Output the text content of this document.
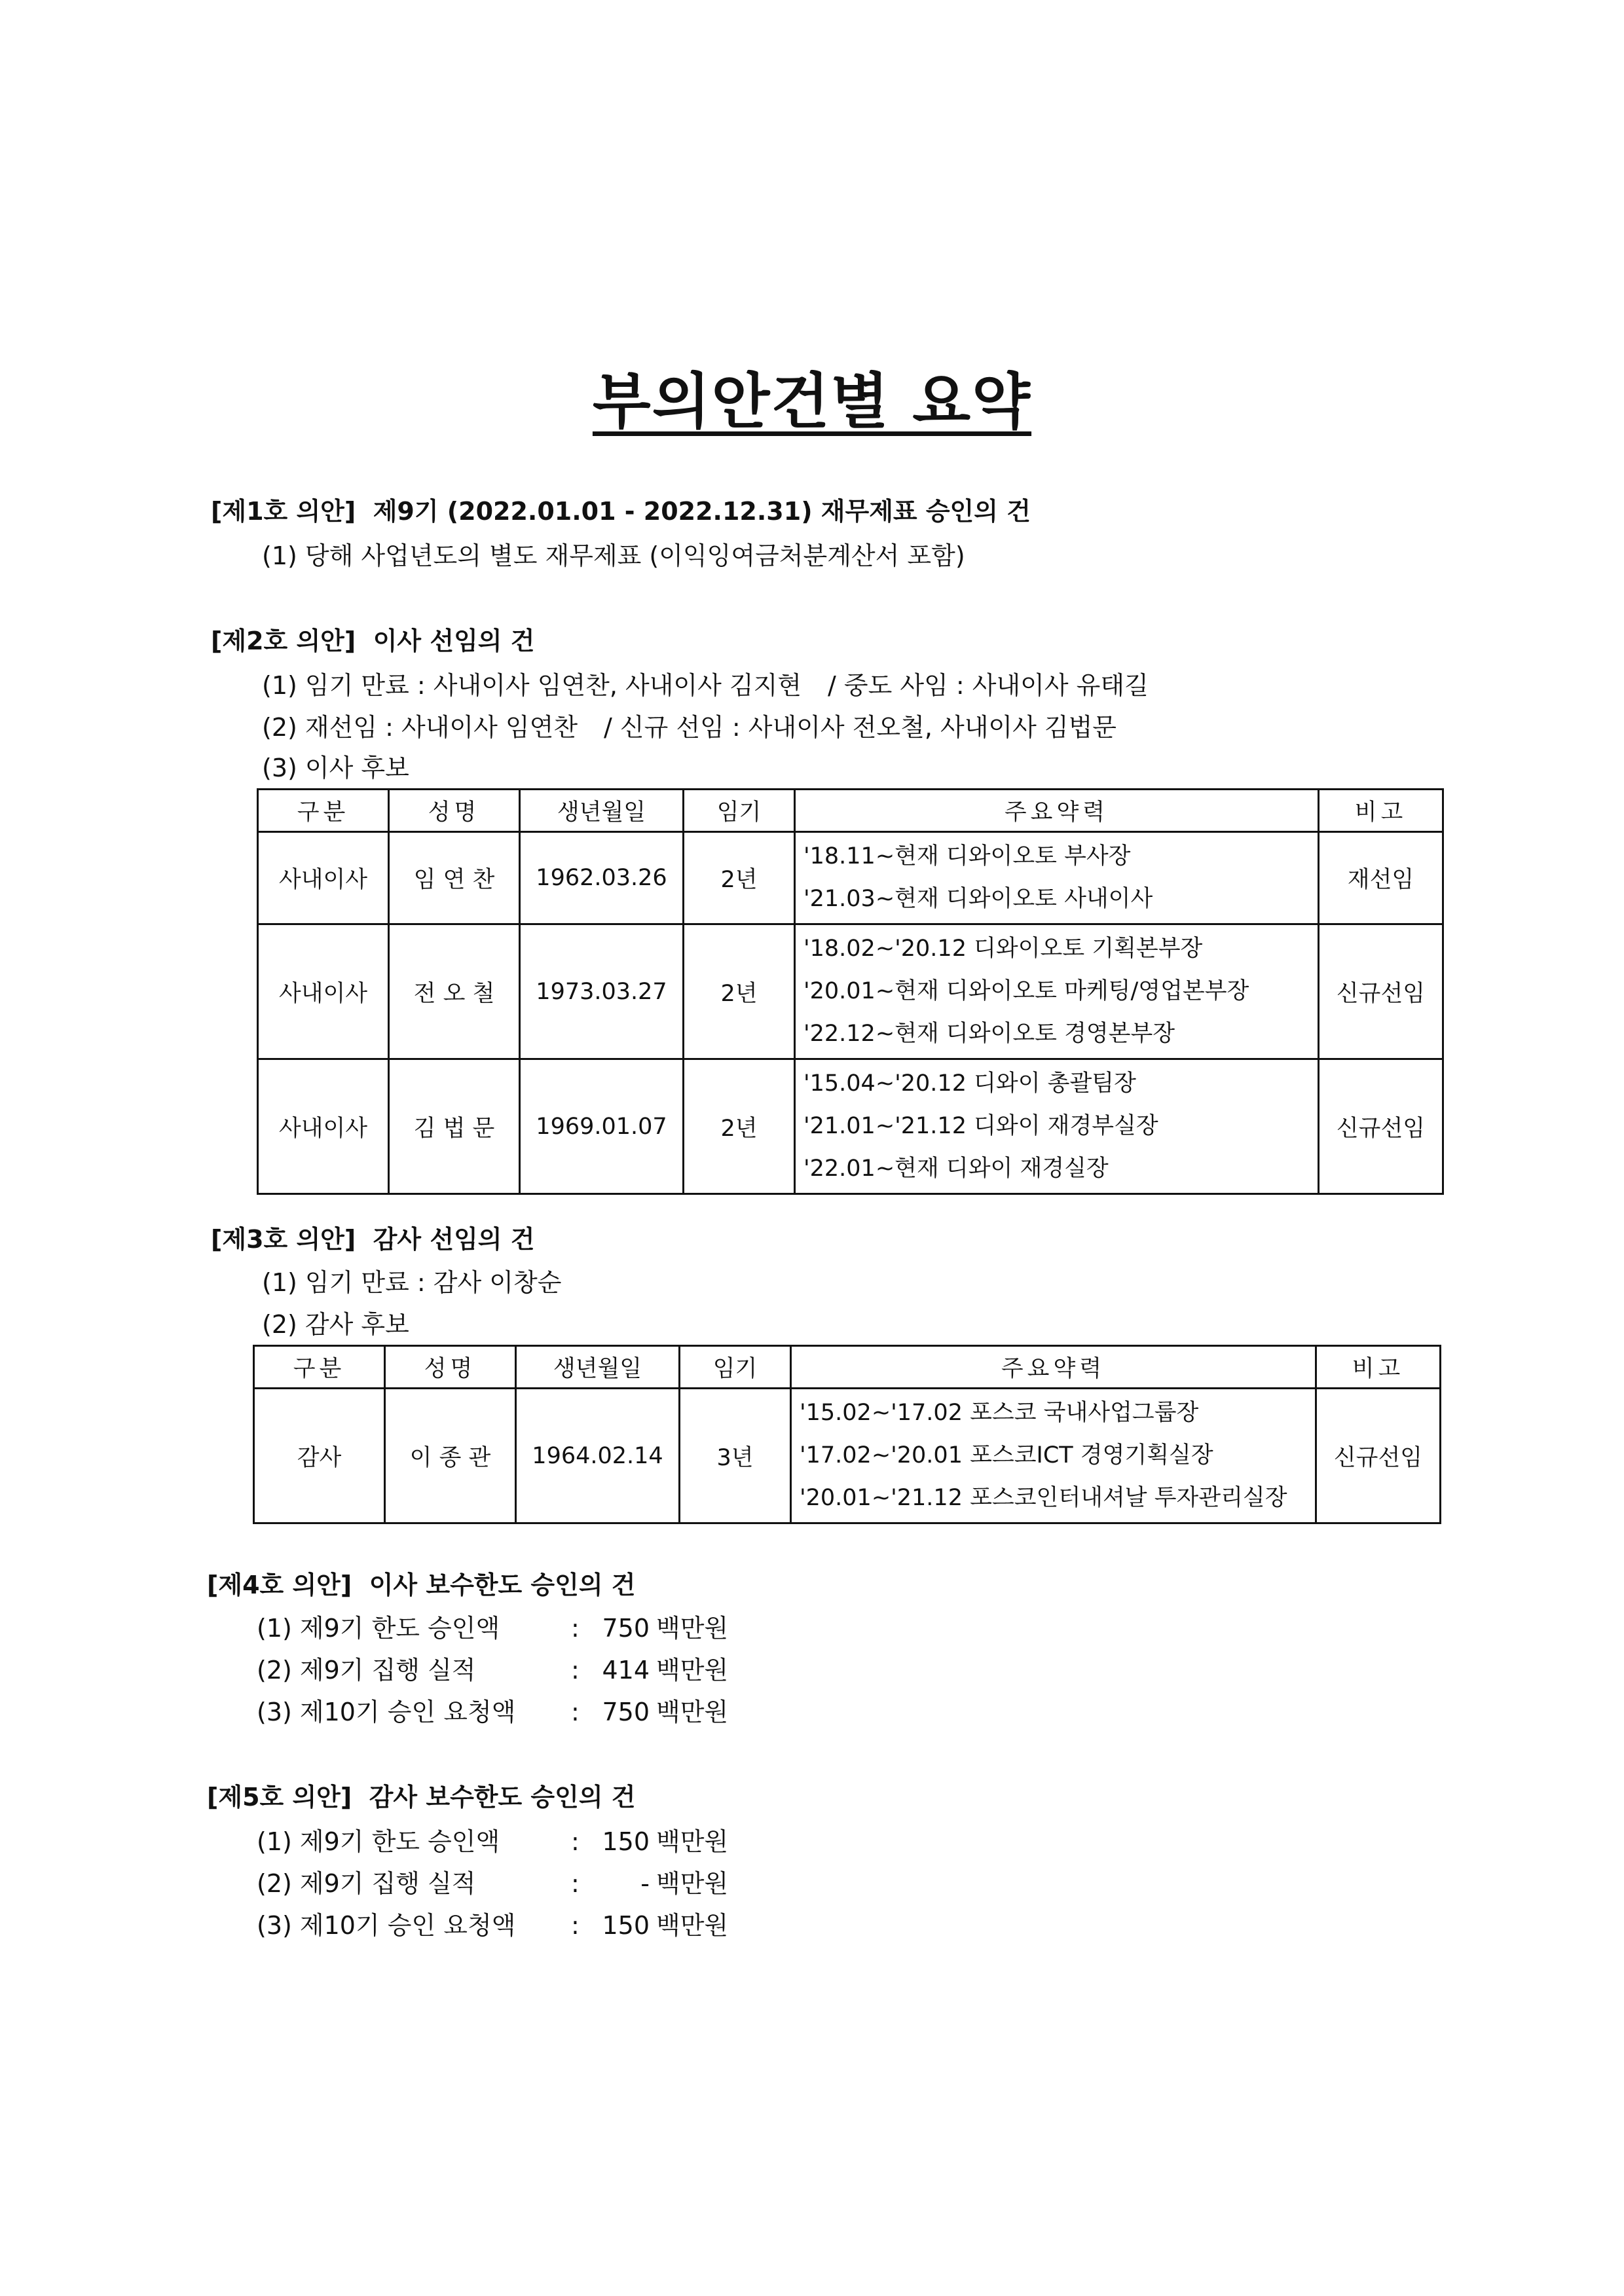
부의안건별 요약
[제1호 의안] 제9기 (2022.01.01 - 2022.12.31) 재무제표 승인의 건
(1) 당해 사업년도의 별도 재무제표 (이익잉여금처분계산서 포함)
[제2호 의안] 이사 선임의 건
(1) 임기 만료 : 사내이사 임연찬, 사내이사 김지현 / 중도 사임 : 사내이사 유태길
(2) 재선임 : 사내이사 임연찬 / 신규 선임 : 사내이사 전오철, 사내이사 김법문
(3) 이사 후보
구분	성명	생년월일	임기	주요약력	비고
사내이사	임 연 찬	1962.03.26	2년	'18.11~현재 디와이오토 부사장
'21.03~현재 디와이오토 사내이사	재선임
사내이사	전 오 철	1973.03.27	2년	'18.02~'20.12 디와이오토 기획본부장
'20.01~현재 디와이오토 마케팅/영업본부장
'22.12~현재 디와이오토 경영본부장	신규선임
사내이사	김 법 문	1969.01.07	2년	'15.04~'20.12 디와이 총괄팀장
'21.01~'21.12 디와이 재경부실장
'22.01~현재 디와이 재경실장	신규선임
[제3호 의안] 감사 선임의 건
(1) 임기 만료 : 감사 이창순
(2) 감사 후보
구분	성명	생년월일	임기	주요약력	비고
감사	이 종 관	1964.02.14	3년	'15.02~'17.02 포스코 국내사업그룹장
'17.02~'20.01 포스코ICT 경영기획실장
'20.01~'21.12 포스코인터내셔날 투자관리실장	신규선임
[제4호 의안] 이사 보수한도 승인의 건
(1) 제9기 한도 승인액	: 750 백만원
(2) 제9기 집행 실적	: 414 백만원
(3) 제10기 승인 요청액 : 750 백만원
[제5호 의안] 감사 보수한도 승인의 건
(1) 제9기 한도 승인액	: 150 백만원
(2) 제9기 집행 실적	: - 백만원
(3) 제10기 승인 요청액 : 150 백만원
